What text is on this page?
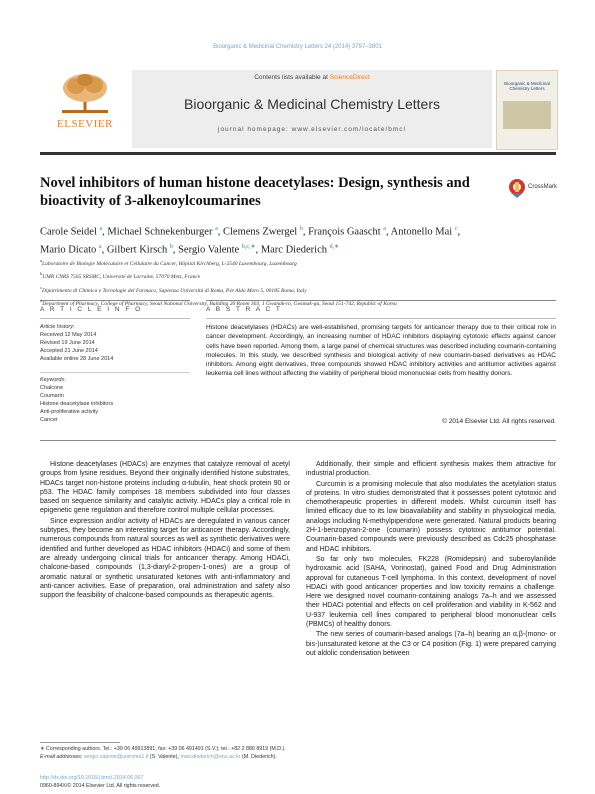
Bioorganic & Medicinal Chemistry Letters 24 (2014) 3797–3801
ELSEVIER
Contents lists available at ScienceDirect
Bioorganic & Medicinal Chemistry Letters
journal homepage: www.elsevier.com/locate/bmcl
Bioorganic & Medicinal Chemistry Letters
Novel inhibitors of human histone deacetylases: Design, synthesis and bioactivity of 3-alkenoylcoumarines
CrossMark
Carole Seidel $^a$, Michael Schnekenburger $^a$, Clemens Zwergel $^b$, François Gaascht $^a$, Antonello Mai $^c$,
Mario Dicato $^a$, Gilbert Kirsch $^b$, Sergio Valente $^{b,c,∗}$, Marc Diederich $^{d,∗}$
$^a$Laboratoire de Biologie Moléculaire et Cellulaire du Cancer, Hôpital Kirchberg, L-2540 Luxembourg, Luxembourg
$^b$UMR CNRS 7565 SRSMC, Université de Lorraine, 57070 Metz, France
$^c$Dipartimento di Chimica e Tecnologie del Farmaco, Sapienza Università di Roma, P.le Aldo Moro 5, 00185 Roma, Italy
Department of Pharmacy, College of Pharmacy, Seoul National University, Building 20 Room 303, 1 Gwanak-ro, Gwanak-gu, Seoul 151-742, Republic of Korea
A R T I C L E I N F O	A B S T R A C T
Article history:
Received 12 May 2014
Revised 19 June 2014
Accepted 21 June 2014
Available online 28 June 2014
Keywords:
Chalcone
Coumarin
Histone deacetylase inhibitors
Anti-proliferative activity
Cancer
Histone deacetylases (HDACs) are well-established, promising targets for anticancer therapy due to their critical role in cancer development. Accordingly, an increasing number of HDAC inhibitors displaying cytotoxic effects against cancer cells have been reported. Among them, a large panel of chemical structures was described including coumarin-containing molecules. In this study, we described synthesis and biological activity of new coumarin-based derivatives as HDAC inhibitors. Among eight derivatives, three compounds showed HDAC inhibitory activities and antitumor activities against leukemia cell lines without affecting the viability of peripheral blood mononuclear cells from healthy donors.
© 2014 Elsevier Ltd. All rights reserved.

Histone deacetylases (HDACs) are enzymes that catalyze removal of acetyl groups from lysine residues. Beyond their originally identified histone substrates, HDACs target non-histone proteins including α-tubulin, heat shock protein 90 or p53. The HDAC family comprises 18 members subdivided into four classes based on sequence similarity and catalytic activity. HDACs play a critical role in epigenetic gene regulation and therefore control multiple cellular processes.

Since expression and/or activity of HDACs are deregulated in various cancer subtypes, they become an interesting target for anticancer therapy. Accordingly, numerous compounds from natural sources as well as synthetic derivatives were identified and further developed as HDAC inhibitors (HDACi) and some of them are already undergoing clinical trials for anticancer therapy. Among HDACi, chalcone-based compounds (1,3-diaryl-2-propen-1-ones) are a group of aromatic natural or synthetic unsaturated ketones with anti-inflammatory and anti-cancer activities. Ease of preparation, oral administration and safety also support the feasibility of chalcone-based compounds as therapeutic agents.

∗ Corresponding authors. Tel.: +39 06 49913891; fax: +39 06 491491 (S.V.); tel.: +82 2 880 8919 (M.D.).
E-mail addresses: sergio.valente@uniroma1.it (S. Valente), marcdiederich@snu.ac.kr (M. Diederich).
http://dx.doi.org/10.1016/j.bmcl.2014.06.067
0960-894X/© 2014 Elsevier Ltd. All rights reserved.

Additionally, their simple and efficient synthesis makes them attractive for industrial production.

Curcumin is a promising molecule that also modulates the acetylation status of proteins. In vitro studies demonstrated that it possesses potent cytotoxic and chemotherapeutic properties in different models. Whilst curcumin itself has limited efficacy due to its low bioavailability and stability in physiological media, analogs including N-methylpiperidone were generated. Natural products bearing 2H-1-benzopyran-2-one (coumarin) possess cytotoxic antitumor potential. Coumarin-based compounds were previously described as Cdc25 phosphatase and HDAC inhibitors.

So far only two molecules, FK228 (Romidepsin) and suberoylanilide hydroxamic acid (SAHA, Vorinostat), gained Food and Drug Administration approval for cutaneous T-cell lymphoma. In this context, development of novel HDACi with good anticancer properties and low toxicity remains a challenge. Here we designed novel coumarin-containing analogs 7a–h and we assessed their HDACi potential and effects on cell proliferation and viability in K-562 and U-937 leukemia cell lines compared to peripheral blood mononuclear cells (PBMCs) of healthy donors.

The new series of coumarin-based analogs (7a–h) bearing an α,β-(mono- or bis-)unsaturated ketone at the C3 or C4 position (Fig. 1) were prepared carrying out aldolic condensation between
